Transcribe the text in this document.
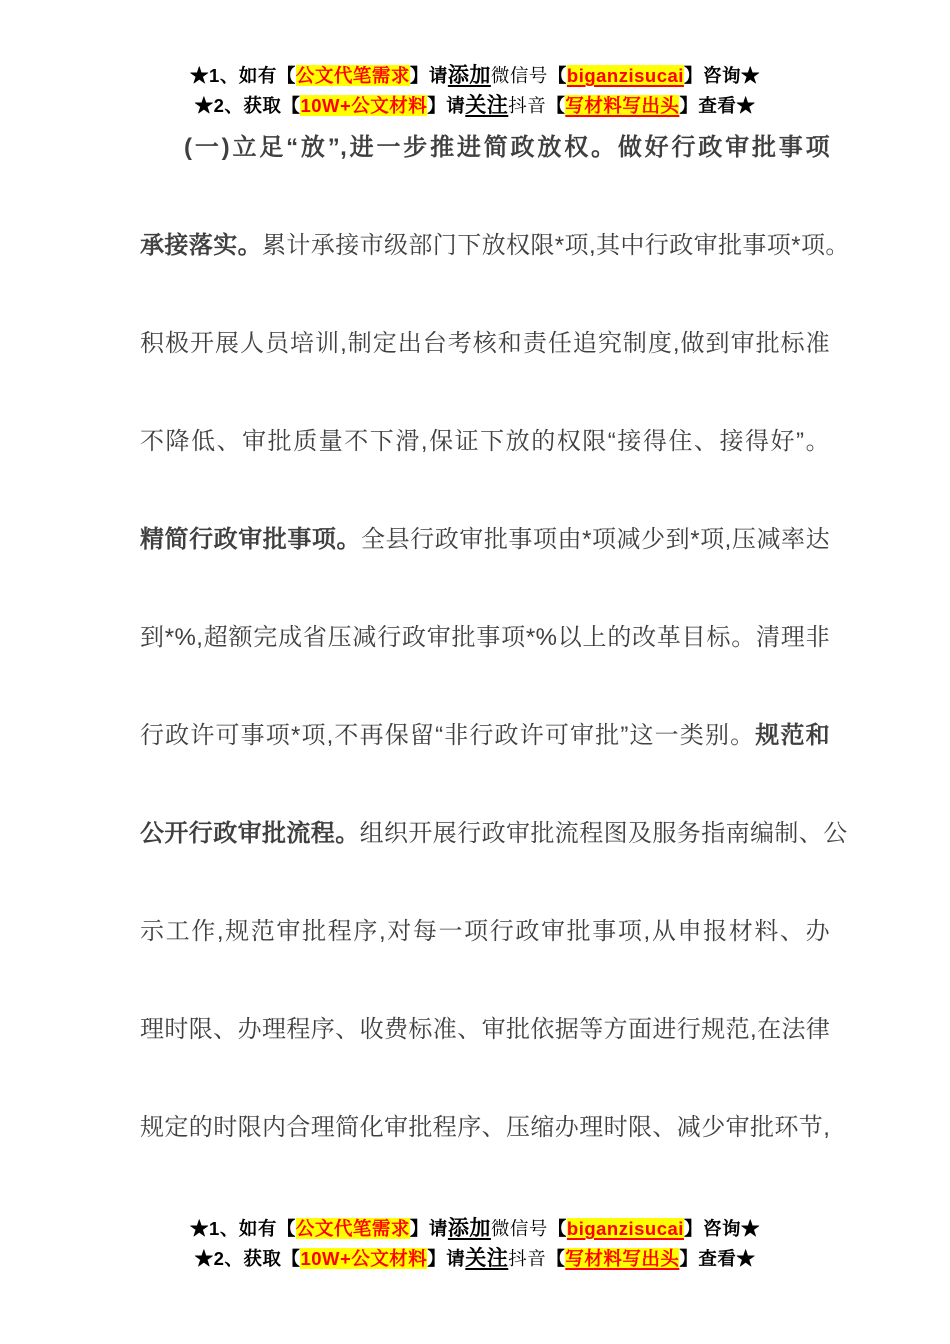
★1、如有【公文代笔需求】请添加微信号【biganzisucai】咨询★
★2、获取【10W+公文材料】请关注抖音【写材料写出头】查看★
(一)立足“放”,进一步推进简政放权。做好行政审批事项
承接落实。累计承接市级部门下放权限*项,其中行政审批事项*项。
积极开展人员培训,制定出台考核和责任追究制度,做到审批标准
不降低、审批质量不下滑,保证下放的权限“接得住、接得好”。
精简行政审批事项。全县行政审批事项由*项减少到*项,压减率达
到*%,超额完成省压减行政审批事项*%以上的改革目标。清理非
行政许可事项*项,不再保留“非行政许可审批”这一类别。规范和
公开行政审批流程。组织开展行政审批流程图及服务指南编制、公
示工作,规范审批程序,对每一项行政审批事项,从申报材料、办
理时限、办理程序、收费标准、审批依据等方面进行规范,在法律
规定的时限内合理简化审批程序、压缩办理时限、减少审批环节,
★1、如有【公文代笔需求】请添加微信号【biganzisucai】咨询★
★2、获取【10W+公文材料】请关注抖音【写材料写出头】查看★
